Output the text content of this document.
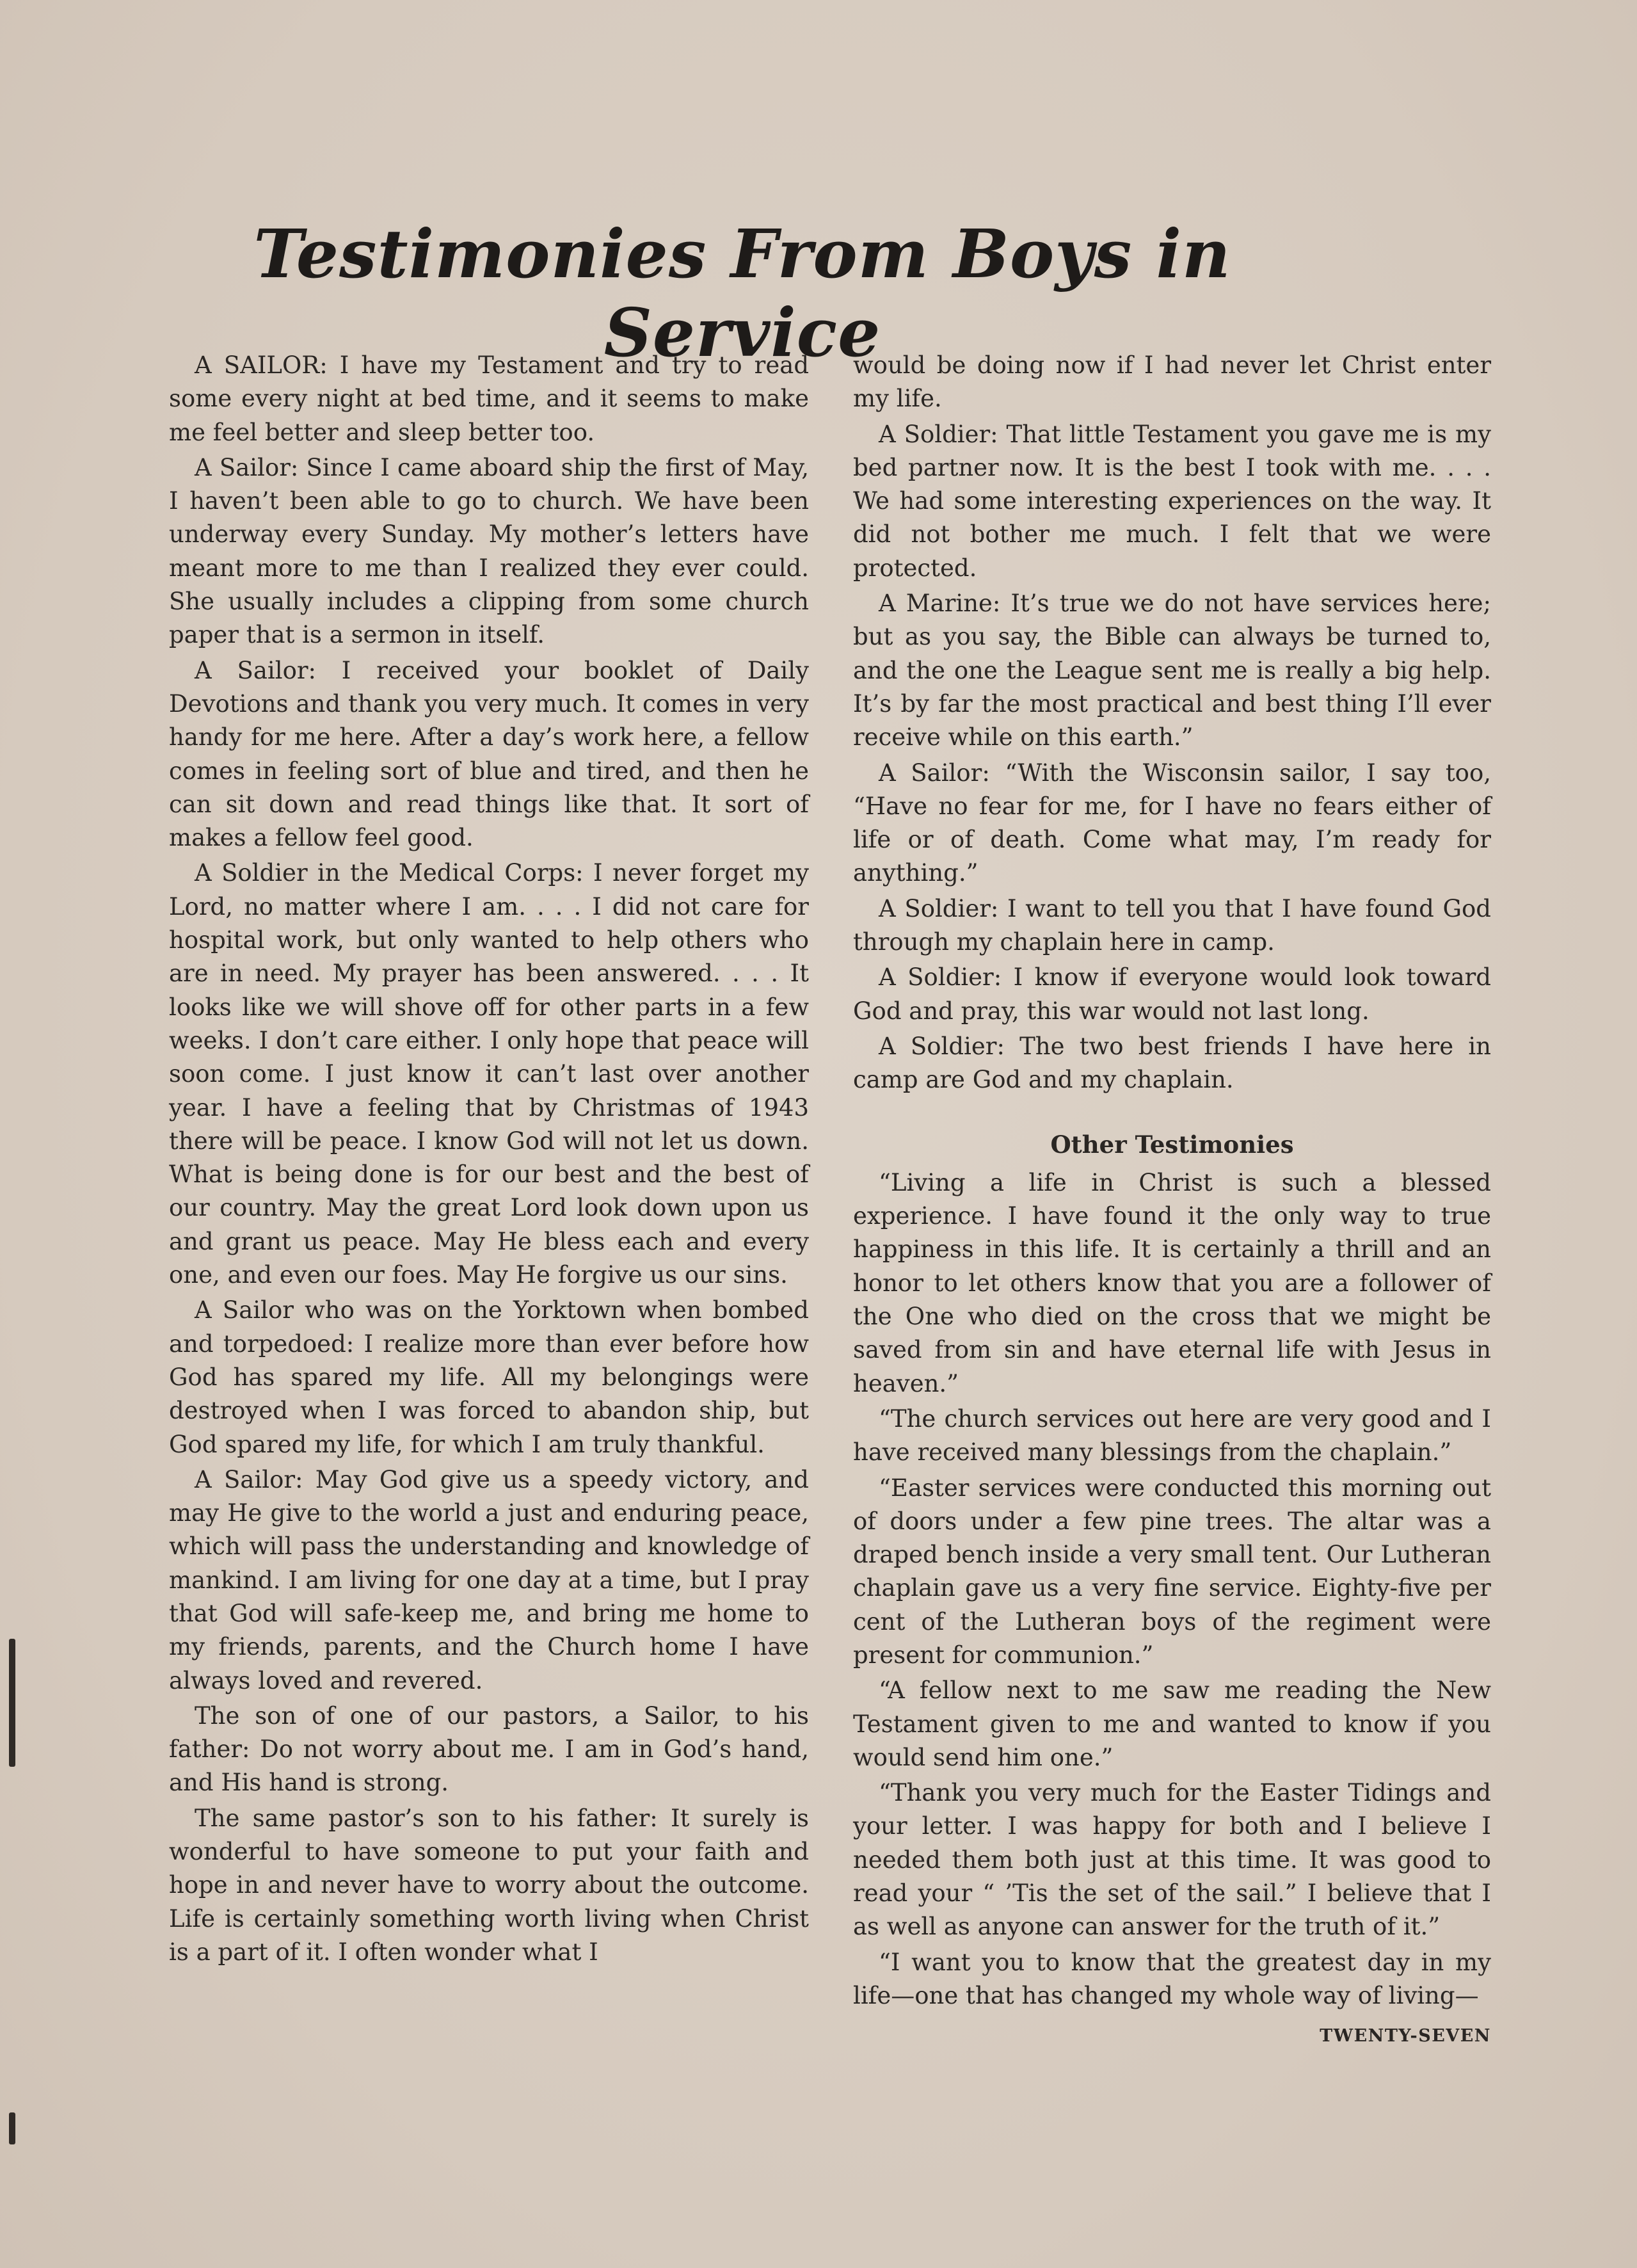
Testimonies From Boys in Service

A SAILOR: I have my Testament and try to read some every night at bed time, and it seems to make me feel better and sleep better too.

A Sailor: Since I came aboard ship the first of May, I haven’t been able to go to church. We have been underway every Sunday. My mother’s letters have meant more to me than I realized they ever could. She usually includes a clipping from some church paper that is a sermon in itself.

A Sailor: I received your booklet of Daily Devotions and thank you very much. It comes in very handy for me here. After a day’s work here, a fellow comes in feeling sort of blue and tired, and then he can sit down and read things like that. It sort of makes a fellow feel good.

A Soldier in the Medical Corps: I never forget my Lord, no matter where I am. . . . I did not care for hospital work, but only wanted to help others who are in need. My prayer has been answered. . . . It looks like we will shove off for other parts in a few weeks. I don’t care either. I only hope that peace will soon come. I just know it can’t last over another year. I have a feeling that by Christmas of 1943 there will be peace. I know God will not let us down. What is being done is for our best and the best of our country. May the great Lord look down upon us and grant us peace. May He bless each and every one, and even our foes. May He forgive us our sins.

A Sailor who was on the Yorktown when bombed and torpedoed: I realize more than ever before how God has spared my life. All my belongings were destroyed when I was forced to abandon ship, but God spared my life, for which I am truly thankful.

A Sailor: May God give us a speedy victory, and may He give to the world a just and enduring peace, which will pass the understanding and knowledge of mankind. I am living for one day at a time, but I pray that God will safe-keep me, and bring me home to my friends, parents, and the Church home I have always loved and revered.

The son of one of our pastors, a Sailor, to his father: Do not worry about me. I am in God’s hand, and His hand is strong.

The same pastor’s son to his father: It surely is wonderful to have someone to put your faith and hope in and never have to worry about the outcome. Life is certainly something worth living when Christ is a part of it. I often wonder what I

would be doing now if I had never let Christ enter my life.

A Soldier: That little Testament you gave me is my bed partner now. It is the best I took with me. . . . We had some interesting experiences on the way. It did not bother me much. I felt that we were protected.

A Marine: It’s true we do not have services here; but as you say, the Bible can always be turned to, and the one the League sent me is really a big help. It’s by far the most practical and best thing I’ll ever receive while on this earth.”

A Sailor: “With the Wisconsin sailor, I say too, “Have no fear for me, for I have no fears either of life or of death. Come what may, I’m ready for anything.”

A Soldier: I want to tell you that I have found God through my chaplain here in camp.

A Soldier: I know if everyone would look toward God and pray, this war would not last long.

A Soldier: The two best friends I have here in camp are God and my chaplain.

Other Testimonies

“Living a life in Christ is such a blessed experience. I have found it the only way to true happiness in this life. It is certainly a thrill and an honor to let others know that you are a follower of the One who died on the cross that we might be saved from sin and have eternal life with Jesus in heaven.”

“The church services out here are very good and I have received many blessings from the chaplain.”

“Easter services were conducted this morning out of doors under a few pine trees. The altar was a draped bench inside a very small tent. Our Lutheran chaplain gave us a very fine service. Eighty-five per cent of the Lutheran boys of the regiment were present for communion.”

“A fellow next to me saw me reading the New Testament given to me and wanted to know if you would send him one.”

“Thank you very much for the Easter Tidings and your letter. I was happy for both and I believe I needed them both just at this time. It was good to read your “ ’Tis the set of the sail.” I believe that I as well as anyone can answer for the truth of it.”

“I want you to know that the greatest day in my life—one that has changed my whole way of living—

TWENTY-SEVEN
